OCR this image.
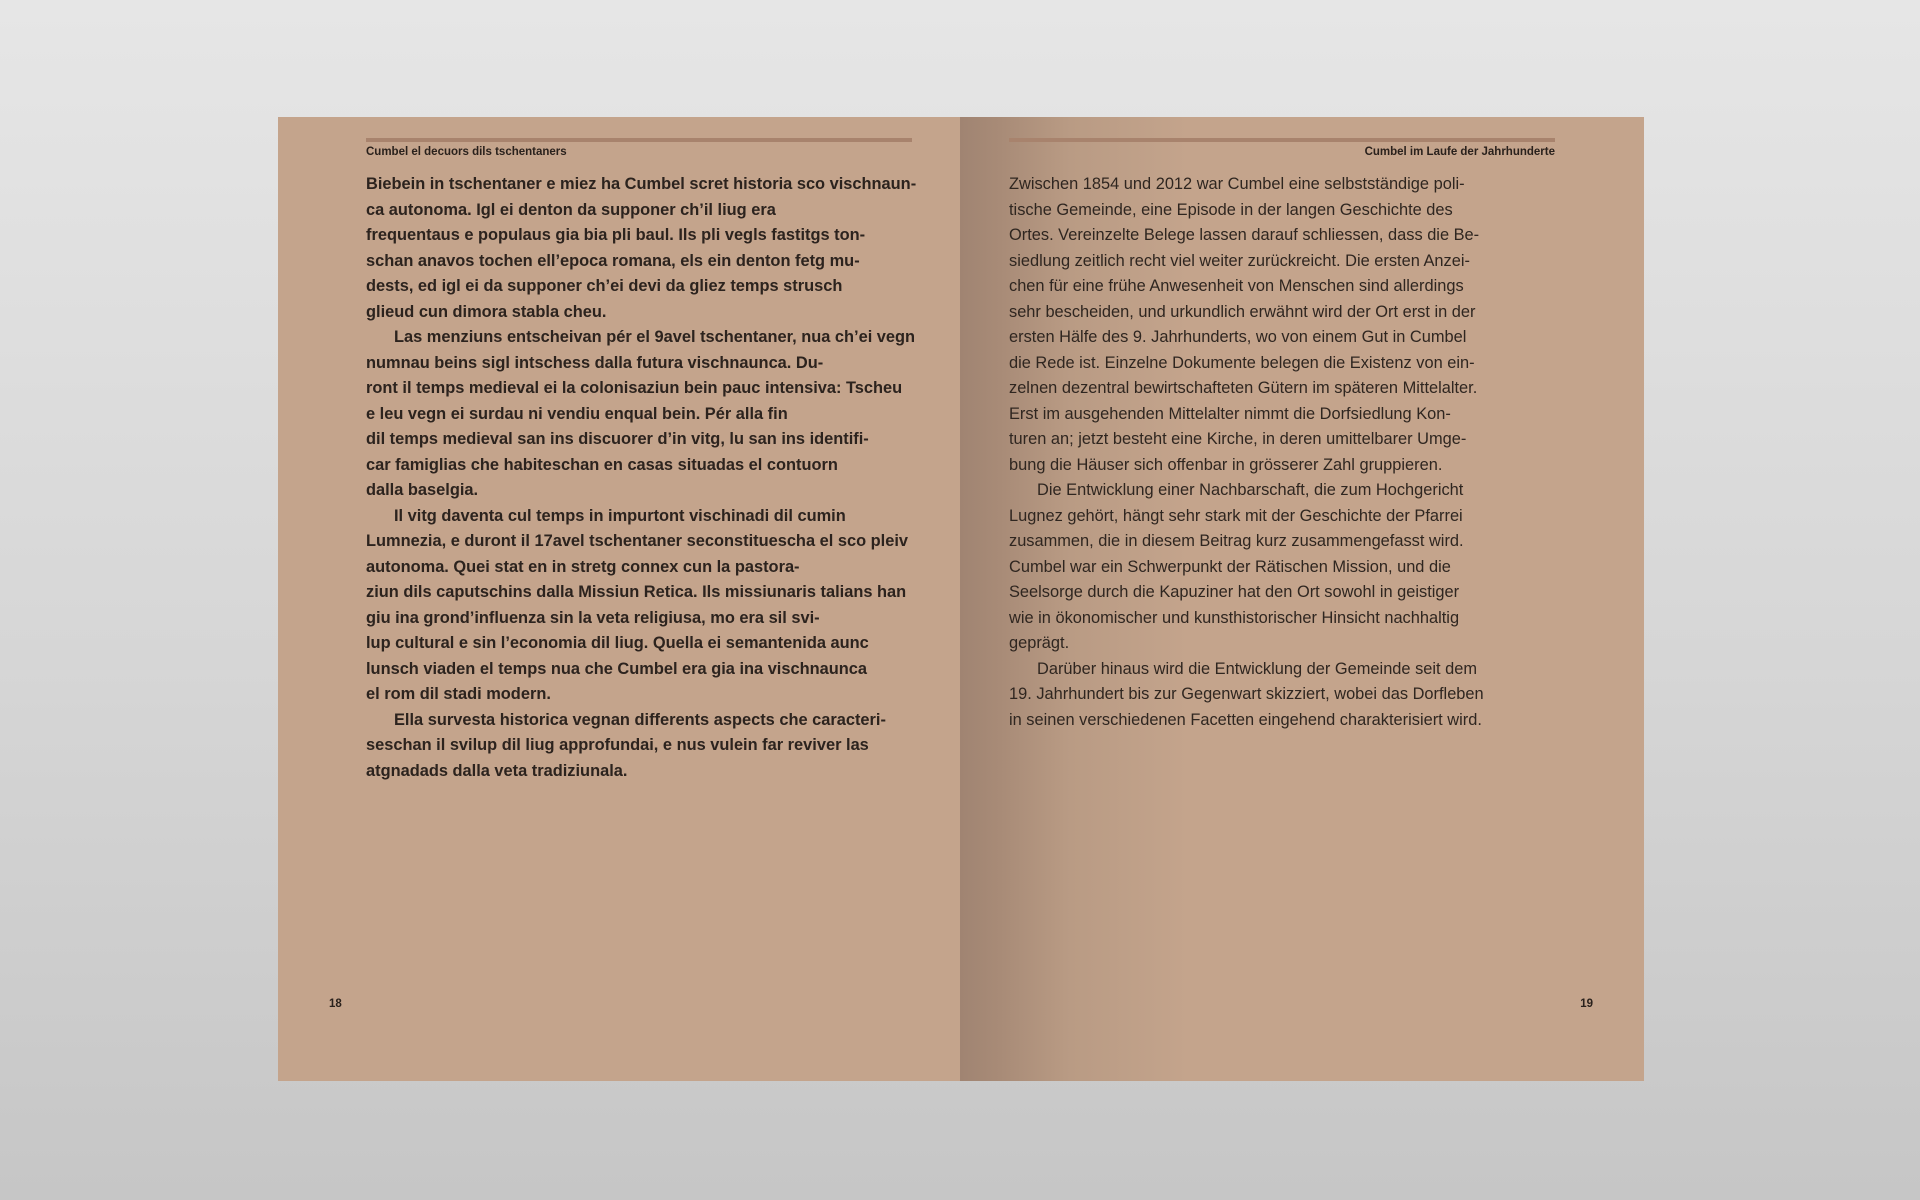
Cumbel el decuors dils tschentaners
Biebein in tschentaner e miez ha Cumbel scret historia sco vischnaun-
ca autonoma. Igl ei denton da supponer ch’il liug era
frequentaus e populaus gia bia pli baul. Ils pli vegls fastitgs ton-
schan anavos tochen ell’epoca romana, els ein denton fetg mu-
dests, ed igl ei da supponer ch’ei devi da gliez temps strusch
glieud cun dimora stabla cheu.
Las menziuns entscheivan pér el 9avel tschentaner, nua ch’ei vegn
numnau beins sigl intschess dalla futura vischnaunca. Du-
ront il temps medieval ei la colonisaziun bein pauc intensiva: Tscheu
e leu vegn ei surdau ni vendiu enqual bein. Pér alla fin
dil temps medieval san ins discuorer d’in vitg, lu san ins identifi-
car famiglias che habiteschan en casas situadas el contuorn
dalla baselgia.
Il vitg daventa cul temps in impurtont vischinadi dil cumin
Lumnezia, e duront il 17avel tschentaner seconstituescha el sco pleiv
autonoma. Quei stat en in stretg connex cun la pastora-
ziun dils caputschins dalla Missiun Retica. Ils missiunaris talians han
giu ina grond’influenza sin la veta religiusa, mo era sil svi-
lup cultural e sin l’economia dil liug. Quella ei semantenida aunc
lunsch viaden el temps nua che Cumbel era gia ina vischnaunca
el rom dil stadi modern.
Ella survesta historica vegnan differents aspects che caracteri-
seschan il svilup dil liug approfundai, e nus vulein far reviver las
atgnadads dalla veta tradiziunala.
18
Cumbel im Laufe der Jahrhunderte
Zwischen 1854 und 2012 war Cumbel eine selbstständige poli-
tische Gemeinde, eine Episode in der langen Geschichte des
Ortes. Vereinzelte Belege lassen darauf schliessen, dass die Be-
siedlung zeitlich recht viel weiter zurückreicht. Die ersten Anzei-
chen für eine frühe Anwesenheit von Menschen sind allerdings
sehr bescheiden, und urkundlich erwähnt wird der Ort erst in der
ersten Hälfe des 9. Jahrhunderts, wo von einem Gut in Cumbel
die Rede ist. Einzelne Dokumente belegen die Existenz von ein-
zelnen dezentral bewirtschafteten Gütern im späteren Mittelalter.
Erst im ausgehenden Mittelalter nimmt die Dorfsiedlung Kon-
turen an; jetzt besteht eine Kirche, in deren umittelbarer Umge-
bung die Häuser sich offenbar in grösserer Zahl gruppieren.
Die Entwicklung einer Nachbarschaft, die zum Hochgericht
Lugnez gehört, hängt sehr stark mit der Geschichte der Pfarrei
zusammen, die in diesem Beitrag kurz zusammengefasst wird.
Cumbel war ein Schwerpunkt der Rätischen Mission, und die
Seelsorge durch die Kapuziner hat den Ort sowohl in geistiger
wie in ökonomischer und kunsthistorischer Hinsicht nachhaltig
geprägt.
Darüber hinaus wird die Entwicklung der Gemeinde seit dem
19. Jahrhundert bis zur Gegenwart skizziert, wobei das Dorfleben
in seinen verschiedenen Facetten eingehend charakterisiert wird.
19
